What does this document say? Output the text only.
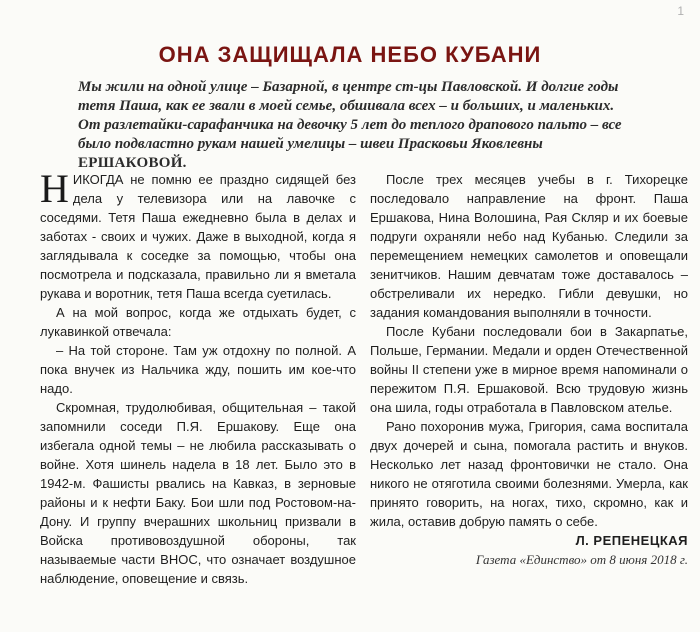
1
ОНА ЗАЩИЩАЛА НЕБО КУБАНИ

Мы жили на одной улице – Базарной, в центре ст-цы Павловской. И долгие годы тетя Паша, как ее звали в моей семье, обшивала всех – и больших, и маленьких. От разлетайки-сарафанчика на девочку 5 лет до теплого драпового пальто – все было подвластно рукам нашей умелицы – швеи Прасковьи Яковлевны ЕРШАКОВОЙ.

НИКОГДА не помню ее праздно сидящей без дела у телевизора или на лавочке с соседями. Тетя Паша ежедневно была в делах и заботах - своих и чужих. Даже в выходной, когда я заглядывала к соседке за помощью, чтобы она посмотрела и подсказала, правильно ли я вметала рукава и воротник, тетя Паша всегда суетилась.

А на мой вопрос, когда же отдыхать будет, с лукавинкой отвечала:

– На той стороне. Там уж отдохну по полной. А пока внучек из Нальчика жду, пошить им кое-что надо.

Скромная, трудолюбивая, общительная – такой запомнили соседи П.Я. Ершакову. Еще она избегала одной темы – не любила рассказывать о войне. Хотя шинель надела в 18 лет. Было это в 1942-м. Фашисты рвались на Кавказ, в зерновые районы и к нефти Баку. Бои шли под Ростовом-на-Дону. И группу вчерашних школьниц призвали в Войска противовоздушной обороны, так называемые части ВНОС, что означает воздушное наблюдение, оповещение и связь.

После трех месяцев учебы в г. Тихорецке последовало направление на фронт. Паша Ершакова, Нина Волошина, Рая Скляр и их боевые подруги охраняли небо над Кубанью. Следили за перемещением немецких самолетов и оповещали зенитчиков. Нашим девчатам тоже доставалось – обстреливали их нередко. Гибли девушки, но задания командования выполняли в точности.

После Кубани последовали бои в Закарпатье, Польше, Германии. Медали и орден Отечественной войны II степени уже в мирное время напоминали о пережитом П.Я. Ершаковой. Всю трудовую жизнь она шила, годы отработала в Павловском ателье.

Рано похоронив мужа, Григория, сама воспитала двух дочерей и сына, помогала растить и внуков. Несколько лет назад фронтовички не стало. Она никого не отяготила своими болезнями. Умерла, как принято говорить, на ногах, тихо, скромно, как и жила, оставив добрую память о себе.

Л. РЕПЕНЕЦКАЯ

Газета «Единство» от 8 июня 2018 г.
